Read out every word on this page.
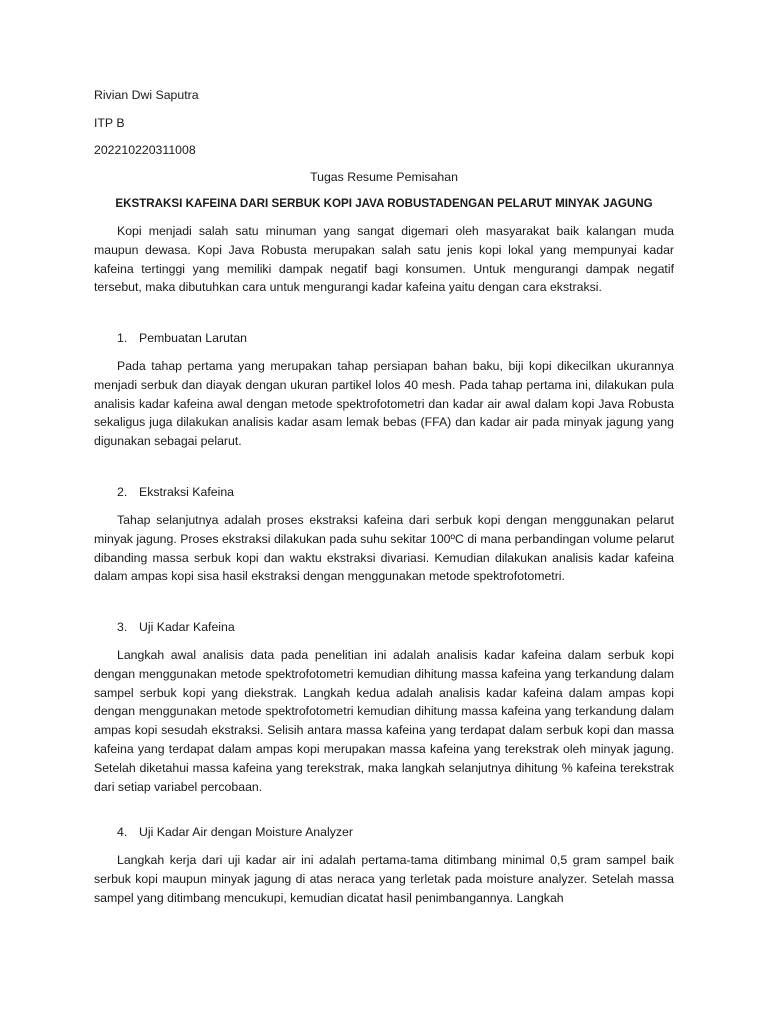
Rivian Dwi Saputra
ITP B
202210220311008
Tugas Resume Pemisahan
EKSTRAKSI KAFEINA DARI SERBUK KOPI JAVA ROBUSTADENGAN PELARUT MINYAK JAGUNG
Kopi menjadi salah satu minuman yang sangat digemari oleh masyarakat baik kalangan muda maupun dewasa. Kopi Java Robusta merupakan salah satu jenis kopi lokal yang mempunyai kadar kafeina tertinggi yang memiliki dampak negatif bagi konsumen. Untuk mengurangi dampak negatif tersebut, maka dibutuhkan cara untuk mengurangi kadar kafeina yaitu dengan cara ekstraksi.
1. Pembuatan Larutan
Pada tahap pertama yang merupakan tahap persiapan bahan baku, biji kopi dikecilkan ukurannya menjadi serbuk dan diayak dengan ukuran partikel lolos 40 mesh. Pada tahap pertama ini, dilakukan pula analisis kadar kafeina awal dengan metode spektrofotometri dan kadar air awal dalam kopi Java Robusta sekaligus juga dilakukan analisis kadar asam lemak bebas (FFA) dan kadar air pada minyak jagung yang digunakan sebagai pelarut.
2. Ekstraksi Kafeina
Tahap selanjutnya adalah proses ekstraksi kafeina dari serbuk kopi dengan menggunakan pelarut minyak jagung. Proses ekstraksi dilakukan pada suhu sekitar 100ºC di mana perbandingan volume pelarut dibanding massa serbuk kopi dan waktu ekstraksi divariasi. Kemudian dilakukan analisis kadar kafeina dalam ampas kopi sisa hasil ekstraksi dengan menggunakan metode spektrofotometri.
3. Uji Kadar Kafeina
Langkah awal analisis data pada penelitian ini adalah analisis kadar kafeina dalam serbuk kopi dengan menggunakan metode spektrofotometri kemudian dihitung massa kafeina yang terkandung dalam sampel serbuk kopi yang diekstrak. Langkah kedua adalah analisis kadar kafeina dalam ampas kopi dengan menggunakan metode spektrofotometri kemudian dihitung massa kafeina yang terkandung dalam ampas kopi sesudah ekstraksi. Selisih antara massa kafeina yang terdapat dalam serbuk kopi dan massa kafeina yang terdapat dalam ampas kopi merupakan massa kafeina yang terekstrak oleh minyak jagung. Setelah diketahui massa kafeina yang terekstrak, maka langkah selanjutnya dihitung % kafeina terekstrak dari setiap variabel percobaan.
4. Uji Kadar Air dengan Moisture Analyzer
Langkah kerja dari uji kadar air ini adalah pertama-tama ditimbang minimal 0,5 gram sampel baik serbuk kopi maupun minyak jagung di atas neraca yang terletak pada moisture analyzer. Setelah massa sampel yang ditimbang mencukupi, kemudian dicatat hasil penimbangannya. Langkah
